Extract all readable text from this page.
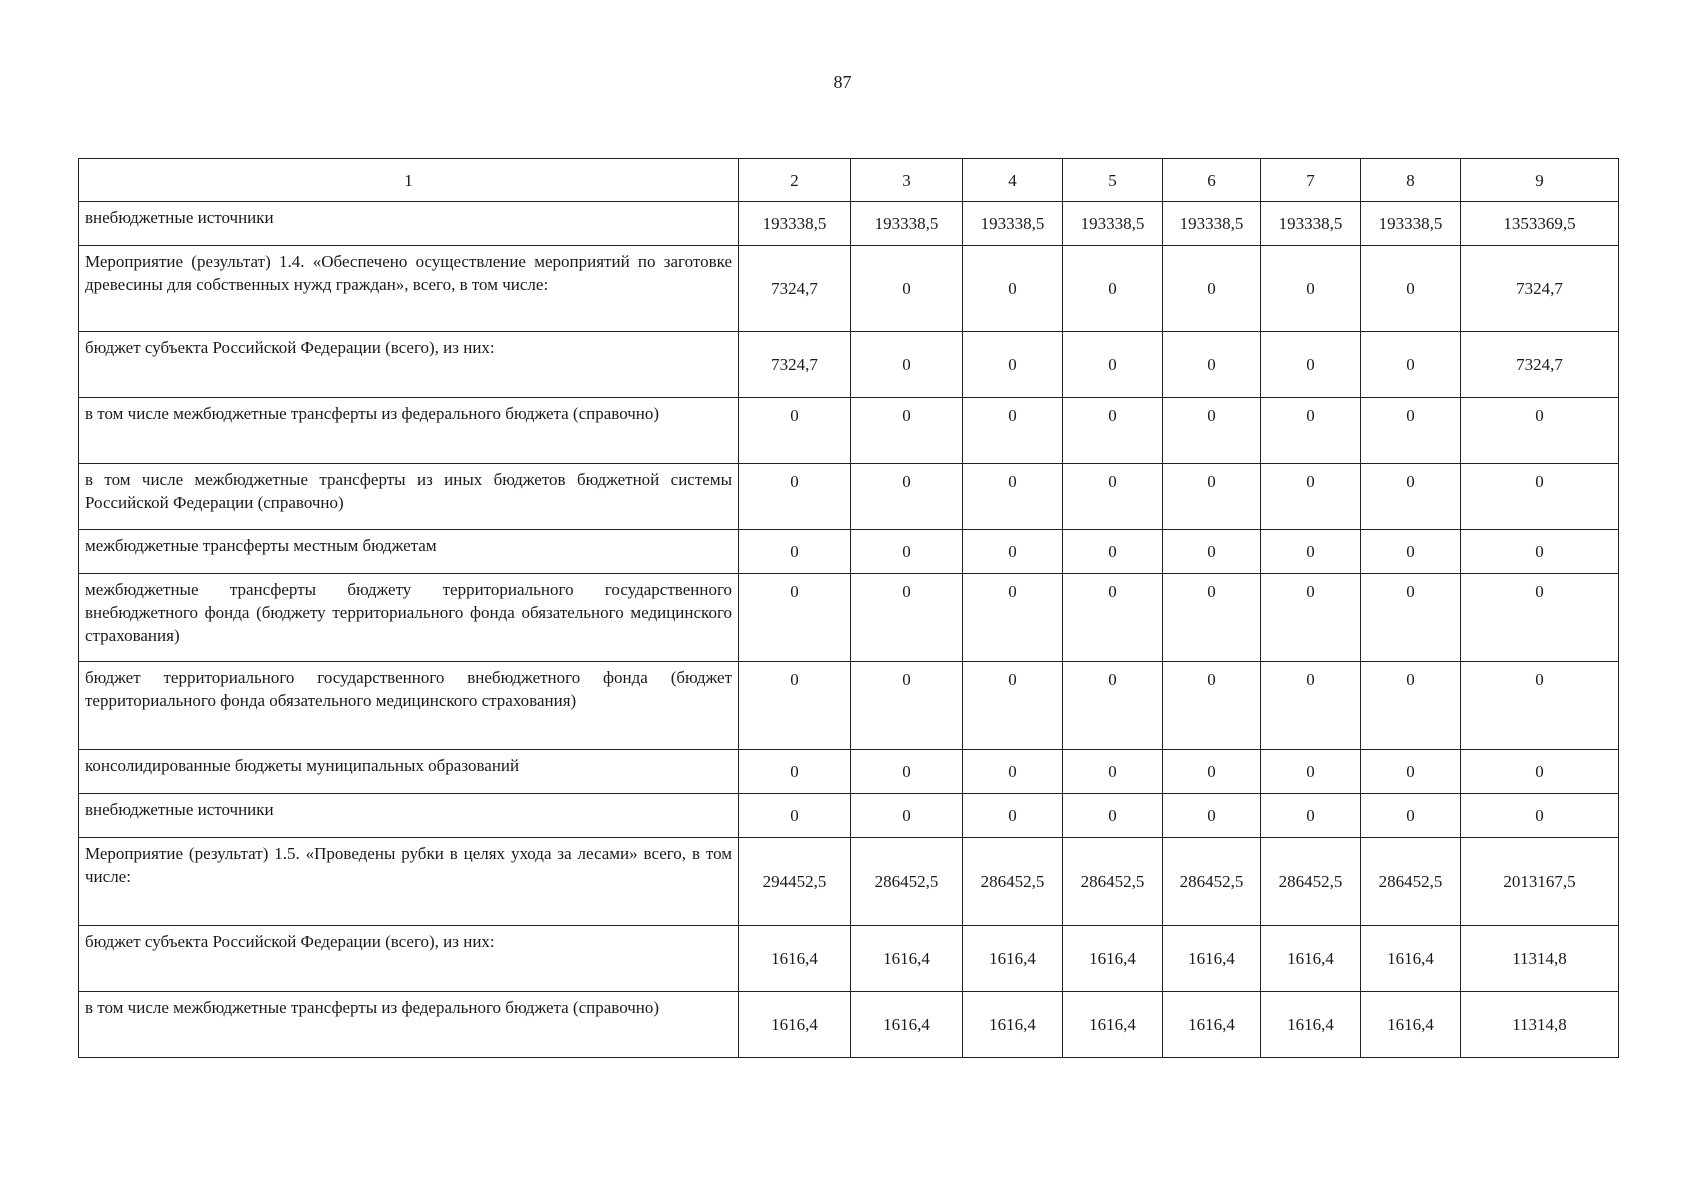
87
1	2	3	4	5	6	7	8	9
внебюджетные источники	193338,5	193338,5	193338,5	193338,5	193338,5	193338,5	193338,5	1353369,5
Мероприятие (результат) 1.4. «Обеспечено осуществление мероприятий по заготовке древесины для собственных нужд граждан», всего, в том числе:	7324,7	0	0	0	0	0	0	7324,7
бюджет субъекта Российской Федерации (всего), из них:	7324,7	0	0	0	0	0	0	7324,7
в том числе межбюджетные трансферты из федерального бюджета (справочно)	0	0	0	0	0	0	0	0
в том числе межбюджетные трансферты из иных бюджетов бюджетной системы Российской Федерации (справочно)	0	0	0	0	0	0	0	0
межбюджетные трансферты местным бюджетам	0	0	0	0	0	0	0	0
межбюджетные трансферты бюджету территориального государственного внебюджетного фонда (бюджету территориального фонда обязательного медицинского страхования)	0	0	0	0	0	0	0	0
бюджет территориального государственного внебюджетного фонда (бюджет территориального фонда обязательного медицинского страхования)	0	0	0	0	0	0	0	0
консолидированные бюджеты муниципальных образований	0	0	0	0	0	0	0	0
внебюджетные источники	0	0	0	0	0	0	0	0
Мероприятие (результат) 1.5. «Проведены рубки в целях ухода за лесами» всего, в том числе:	294452,5	286452,5	286452,5	286452,5	286452,5	286452,5	286452,5	2013167,5
бюджет субъекта Российской Федерации (всего), из них:	1616,4	1616,4	1616,4	1616,4	1616,4	1616,4	1616,4	11314,8
в том числе межбюджетные трансферты из федерального бюджета (справочно)	1616,4	1616,4	1616,4	1616,4	1616,4	1616,4	1616,4	11314,8
